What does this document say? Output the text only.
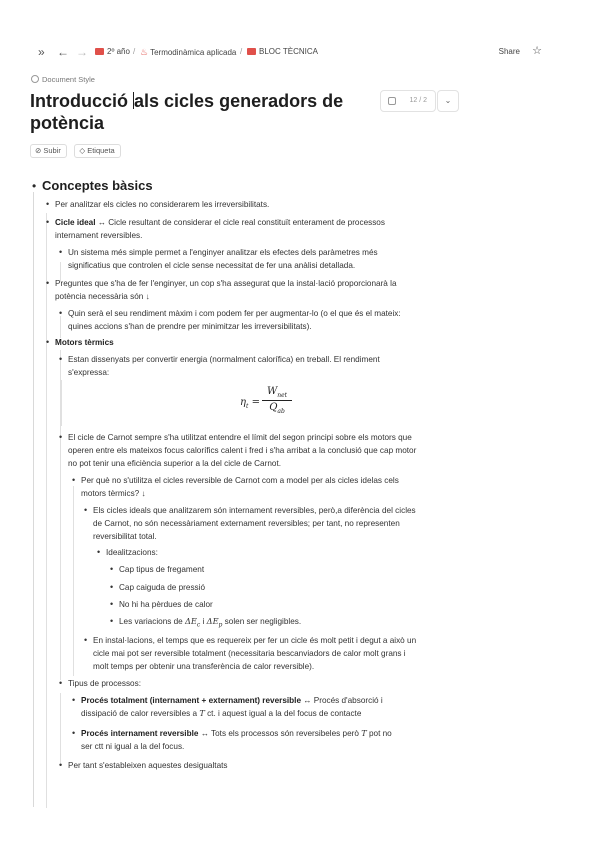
» ← →	2º año / ♨ Termodinàmica aplicada /	BLOC TÈCNICA	Share ☆
Document Style
Introducció als cicles generadors de potència
12 / 2	⌄
⊘ Subir ◇ Etiqueta
• Conceptes bàsics
• Per analitzar els cicles no considerarem les irreversibilitats.
• Cicle ideal ↔ Cicle resultant de considerar el cicle real constituït enterament de processos
internament reversibles.
• Un sistema més simple permet a l'enginyer analitzar els efectes dels paràmetres més
significatius que controlen el cicle sense necessitat de fer una anàlisi detallada.
• Preguntes que s'ha de fer l'enginyer, un cop s'ha assegurat que la instal·lació proporcionarà la
potència necessària són ↓
• Quin serà el seu rendiment màxim i com podem fer per augmentar-lo (o el que és el mateix:
quines accions s'han de prendre per minimitzar les irreversibilitats).
• Motors tèrmics
• Estan dissenyats per convertir energia (normalment calorífica) en treball. El rendiment
s'expressa:
$\eta_t$ =
$W_{net}$
$Q_{ab}$
• El cicle de Carnot sempre s'ha utilitzat entendre el límit del segon principi sobre els motors que
operen entre els mateixos focus calorífics calent i fred i s'ha arribat a la conclusió que cap motor
no pot tenir una eficiència superior a la del cicle de Carnot.
• Per què no s'utilitza el cicles reversible de Carnot com a model per als cicles idelas cels
motors tèrmics? ↓
• Els cicles ideals que analitzarem són internament reversibles, però,a diferència del cicles
de Carnot, no són necessàriament externament reversibles; per tant, no representen
reversibilitat total.
• Idealitzacions:
• Cap tipus de fregament
• Cap caiguda de pressió
• No hi ha pèrdues de calor
• Les variacions de $\Delta E_c$ i $\Delta E_p$ solen ser negligibles.
• En instal·lacions, el temps que es requereix per fer un cicle és molt petit i degut a això un
cicle mai pot ser reversible totalment (necessitaria bescanviadors de calor molt grans i
molt temps per obtenir una transferència de calor reversible).
• Tipus de processos:
• Procés totalment (internament + externament) reversible ↔ Procés d'absorció i
dissipació de calor reversibles a T ct. i aquest igual a la del focus de contacte
• Procés internament reversible ↔ Tots els processos són reversibeles però T pot no
ser ctt ni igual a la del focus.
• Per tant s'estableixen aquestes desigualtats
